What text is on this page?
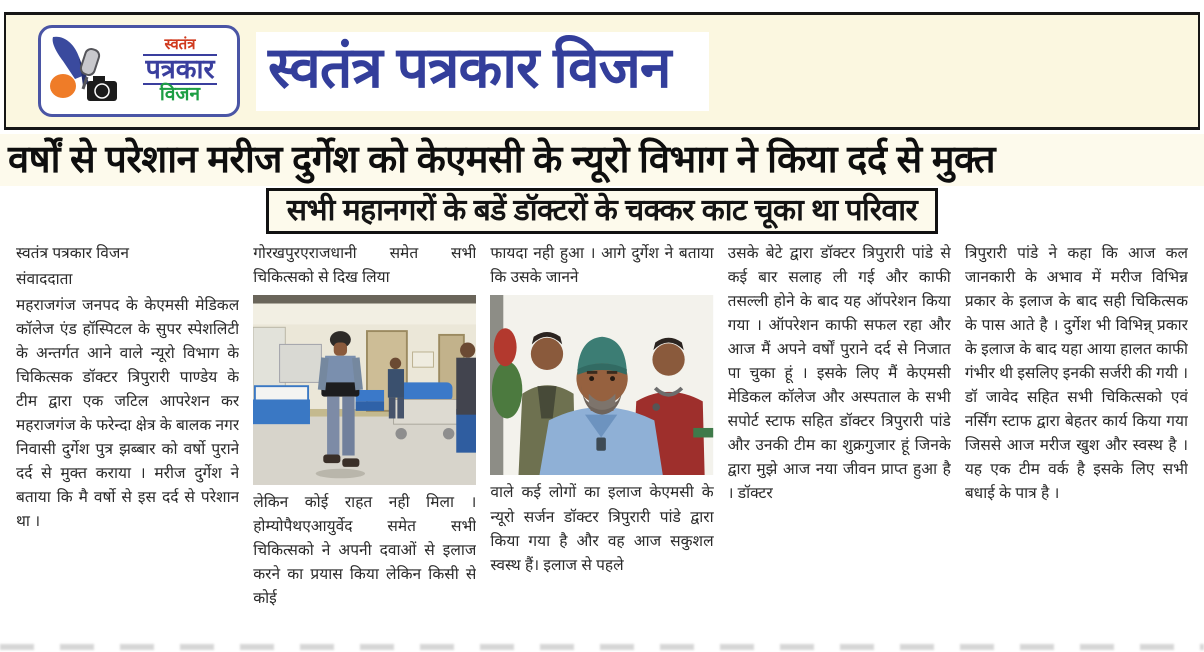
स्वतंत्र
पत्रकार
विजन	स्वतंत्र पत्रकार विजन
वर्षों से परेशान मरीज दुर्गेश को केएमसी के न्यूरो विभाग ने किया दर्द से मुक्त
सभी महानगरों के बडें डॉक्टरों के चक्कर काट चूका था परिवार

स्वतंत्र पत्रकार विजन

संवाददाता

महराजगंज जनपद के केएमसी मेडिकल कॉलेज एंड हॉस्पिटल के सुपर स्पेशलिटी के अन्तर्गत आने वाले न्यूरो विभाग के चिकित्सक डॉक्टर त्रिपुरारी पाण्डेय के टीम द्वारा एक जटिल आपरेशन कर महराजगंज के फरेन्दा क्षेत्र के बालक नगर निवासी दुर्गेश पुत्र झब्बार को वर्षो पुराने दर्द से मुक्त कराया । मरीज दुर्गेश ने बताया कि मै वर्षो से इस दर्द से परेशान था ।

गोरखपुरएराजधानी समेत सभी चिकित्सको से दिख लिया

लेकिन कोई राहत नही मिला । होम्योपैथएआयुर्वेद समेत सभी चिकित्सको ने अपनी दवाओं से इलाज करने का प्रयास किया लेकिन किसी से कोई

फायदा नही हुआ । आगे दुर्गेश ने बताया कि उसके जानने

वाले कई लोगों का इलाज केएमसी के न्यूरो सर्जन डॉक्टर त्रिपुरारी पांडे द्वारा किया गया है और वह आज सकुशल स्वस्थ हैं। इलाज से पहले

उसके बेटे द्वारा डॉक्टर त्रिपुरारी पांडे से कई बार सलाह ली गई और काफी तसल्ली होने के बाद यह ऑपरेशन किया गया । ऑपरेशन काफी सफल रहा और आज मैं अपने वर्षों पुराने दर्द से निजात पा चुका हूं । इसके लिए मैं केएमसी मेडिकल कॉलेज और अस्पताल के सभी सपोर्ट स्टाफ सहित डॉक्टर त्रिपुरारी पांडे और उनकी टीम का शुक्रगुजार हूं जिनके द्वारा मुझे आज नया जीवन प्राप्त हुआ है । डॉक्टर

त्रिपुरारी पांडे ने कहा कि आज कल जानकारी के अभाव में मरीज विभिन्न प्रकार के इलाज के बाद सही चिकित्सक के पास आते है । दुर्गेश भी विभिन्न् प्रकार के इलाज के बाद यहा आया हालत काफी गंभीर थी इसलिए इनकी सर्जरी की गयी । डॉ जावेद सहित सभी चिकित्सको एवं नर्सिंग स्टाफ द्वारा बेहतर कार्य किया गया जिससे आज मरीज खुश और स्वस्थ है । यह एक टीम वर्क है इसके लिए सभी बधाई के पात्र है ।
